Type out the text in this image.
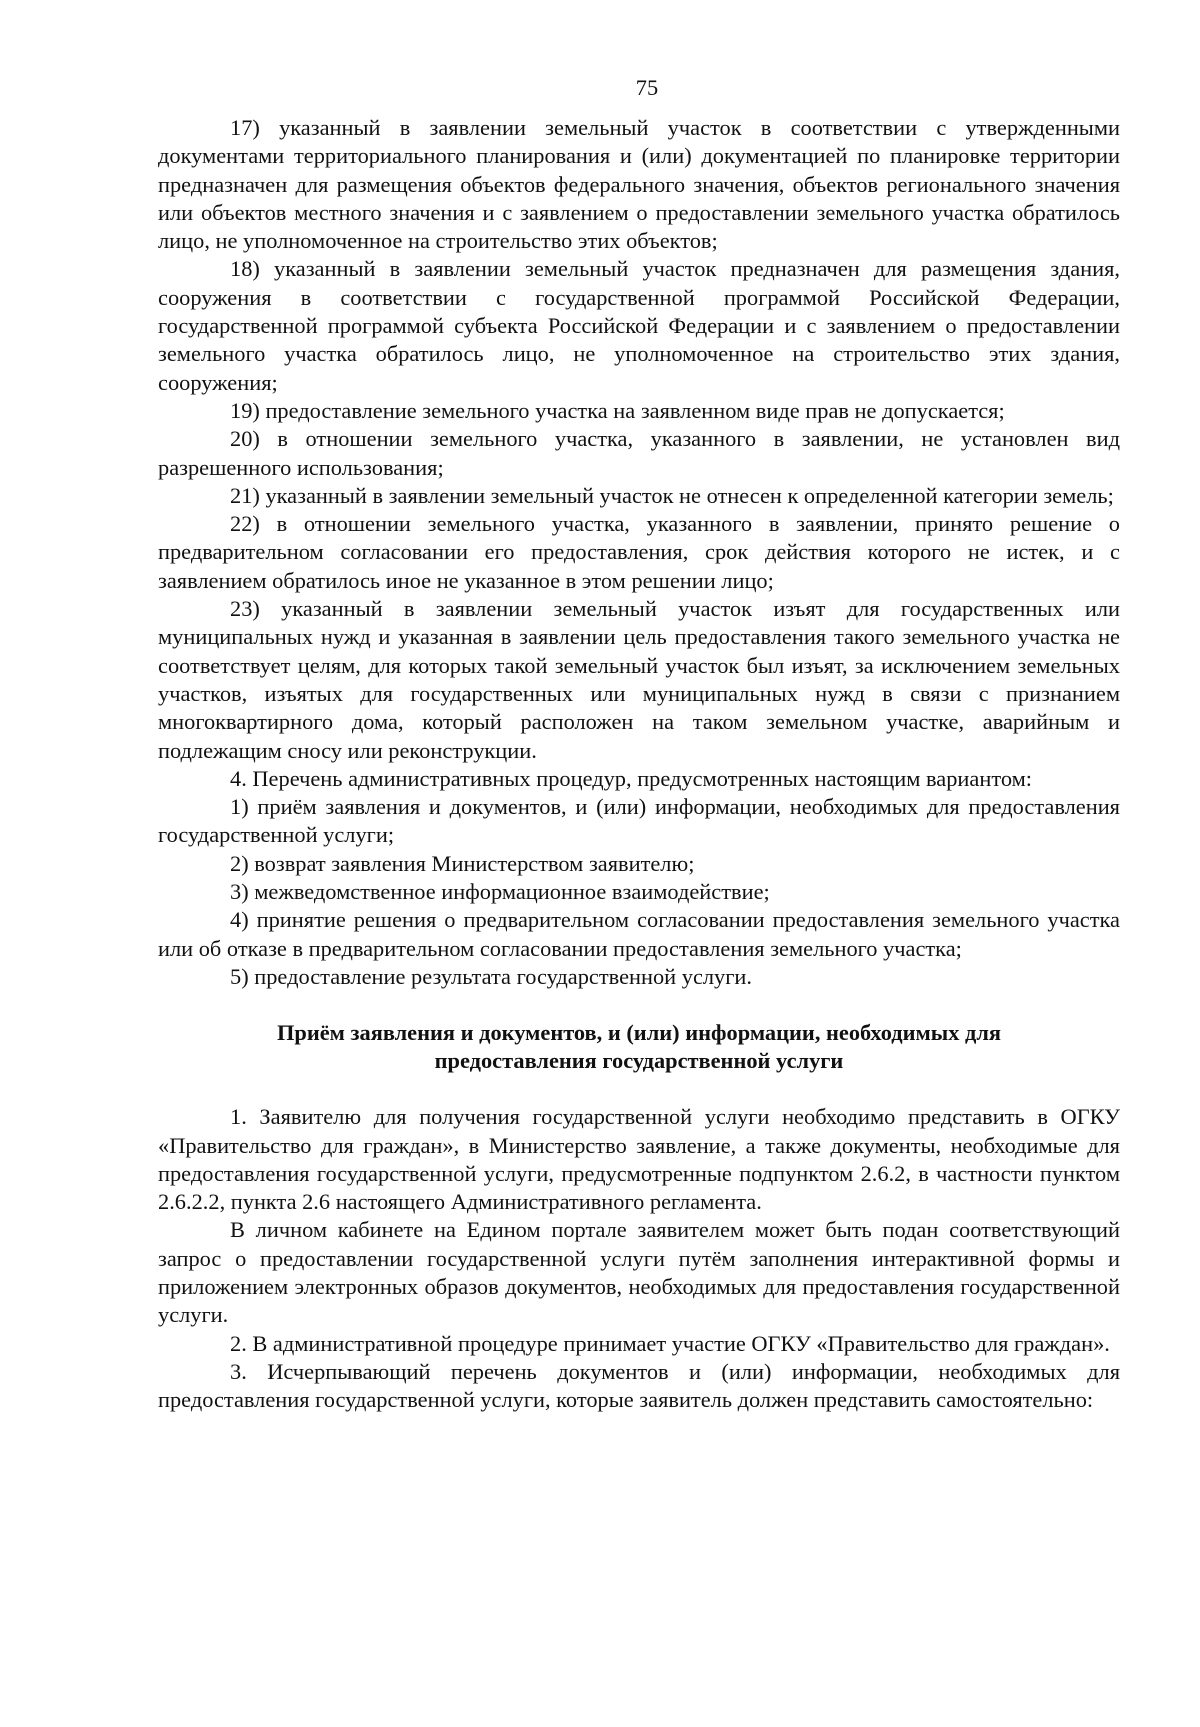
75

17) указанный в заявлении земельный участок в соответствии с утвержденными документами территориального планирования и (или) документацией по планировке территории предназначен для размещения объектов федерального значения, объектов регионального значения или объектов местного значения и с заявлением о предоставлении земельного участка обратилось лицо, не уполномоченное на строительство этих объектов;

18) указанный в заявлении земельный участок предназначен для размещения здания, сооружения в соответствии с государственной программой Российской Федерации, государственной программой субъекта Российской Федерации и с заявлением о предоставлении земельного участка обратилось лицо, не уполномоченное на строительство этих здания, сооружения;

19) предоставление земельного участка на заявленном виде прав не допускается;

20) в отношении земельного участка, указанного в заявлении, не установлен вид разрешенного использования;

21) указанный в заявлении земельный участок не отнесен к определенной категории земель;

22) в отношении земельного участка, указанного в заявлении, принято решение о предварительном согласовании его предоставления, срок действия которого не истек, и с заявлением обратилось иное не указанное в этом решении лицо;

23) указанный в заявлении земельный участок изъят для государственных или муниципальных нужд и указанная в заявлении цель предоставления такого земельного участка не соответствует целям, для которых такой земельный участок был изъят, за исключением земельных участков, изъятых для государственных или муниципальных нужд в связи с признанием многоквартирного дома, который расположен на таком земельном участке, аварийным и подлежащим сносу или реконструкции.

4. Перечень административных процедур, предусмотренных настоящим вариантом:

1) приём заявления и документов, и (или) информации, необходимых для предоставления государственной услуги;

2) возврат заявления Министерством заявителю;

3) межведомственное информационное взаимодействие;

4) принятие решения о предварительном согласовании предоставления земельного участка или об отказе в предварительном согласовании предоставления земельного участка;

5) предоставление результата государственной услуги.

Приём заявления и документов, и (или) информации, необходимых для
предоставления государственной услуги

1. Заявителю для получения государственной услуги необходимо представить в ОГКУ «Правительство для граждан», в Министерство заявление, а также документы, необходимые для предоставления государственной услуги, предусмотренные подпунктом 2.6.2, в частности пунктом 2.6.2.2, пункта 2.6 настоящего Административного регламента.

В личном кабинете на Едином портале заявителем может быть подан соответствующий запрос о предоставлении государственной услуги путём заполнения интерактивной формы и приложением электронных образов документов, необходимых для предоставления государственной услуги.

2. В административной процедуре принимает участие ОГКУ «Правительство для граждан».

3. Исчерпывающий перечень документов и (или) информации, необходимых для предоставления государственной услуги, которые заявитель должен представить самостоятельно:
